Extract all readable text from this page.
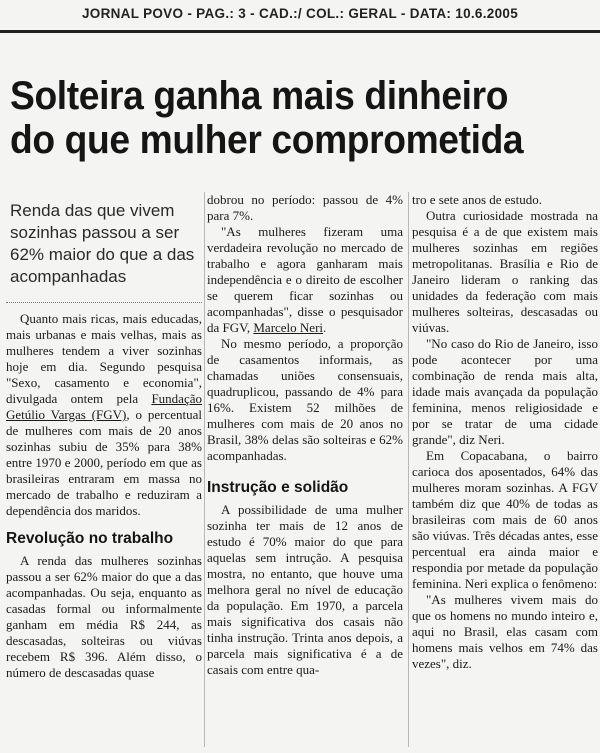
JORNAL POVO - PAG.: 3 - CAD.:/ COL.: GERAL - DATA: 10.6.2005
Solteira ganha mais dinheiro
do que mulher comprometida
Renda das que vivem sozinhas passou a ser 62% maior do que a das acompanhadas

Quanto mais ricas, mais educadas, mais urbanas e mais velhas, mais as mulheres tendem a viver sozinhas hoje em dia. Segundo pesquisa "Sexo, casamento e economia", divulgada ontem pela Fundação Getúlio Vargas (FGV), o percentual de mulheres com mais de 20 anos sozinhas subiu de 35% para 38% entre 1970 e 2000, período em que as brasileiras entraram em massa no mercado de trabalho e reduziram a dependência dos maridos.

Revolução no trabalho

A renda das mulheres sozinhas passou a ser 62% maior do que a das acompanhadas. Ou seja, enquanto as casadas formal ou informalmente ganham em média R$ 244, as descasadas, solteiras ou viúvas recebem R$ 396. Além disso, o número de descasadas quase

dobrou no período: passou de 4% para 7%.

"As mulheres fizeram uma verdadeira revolução no mercado de trabalho e agora ganharam mais independência e o direito de escolher se querem ficar sozinhas ou acompanhadas", disse o pesquisador da FGV, Marcelo Neri.

No mesmo período, a proporção de casamentos informais, as chamadas uniões consensuais, quadruplicou, passando de 4% para 16%. Existem 52 milhões de mulheres com mais de 20 anos no Brasil, 38% delas são solteiras e 62% acompanhadas.

Instrução e solidão

A possibilidade de uma mulher sozinha ter mais de 12 anos de estudo é 70% maior do que para aquelas sem intrução. A pesquisa mostra, no entanto, que houve uma melhora geral no nível de educação da população. Em 1970, a parcela mais significativa dos casais não tinha instrução. Trinta anos depois, a parcela mais significativa é a de casais com entre qua-

tro e sete anos de estudo.

Outra curiosidade mostrada na pesquisa é a de que existem mais mulheres sozinhas em regiões metropolitanas. Brasília e Rio de Janeiro lideram o ranking das unidades da federação com mais mulheres solteiras, descasadas ou viúvas.

"No caso do Rio de Janeiro, isso pode acontecer por uma combinação de renda mais alta, idade mais avançada da população feminina, menos religiosidade e por se tratar de uma cidade grande", diz Neri.

Em Copacabana, o bairro carioca dos aposentados, 64% das mulheres moram sozinhas. A FGV também diz que 40% de todas as brasileiras com mais de 60 anos são viúvas. Três décadas antes, esse percentual era ainda maior e respondia por metade da população feminina. Neri explica o fenômeno:

"As mulheres vivem mais do que os homens no mundo inteiro e, aqui no Brasil, elas casam com homens mais velhos em 74% das vezes", diz.
